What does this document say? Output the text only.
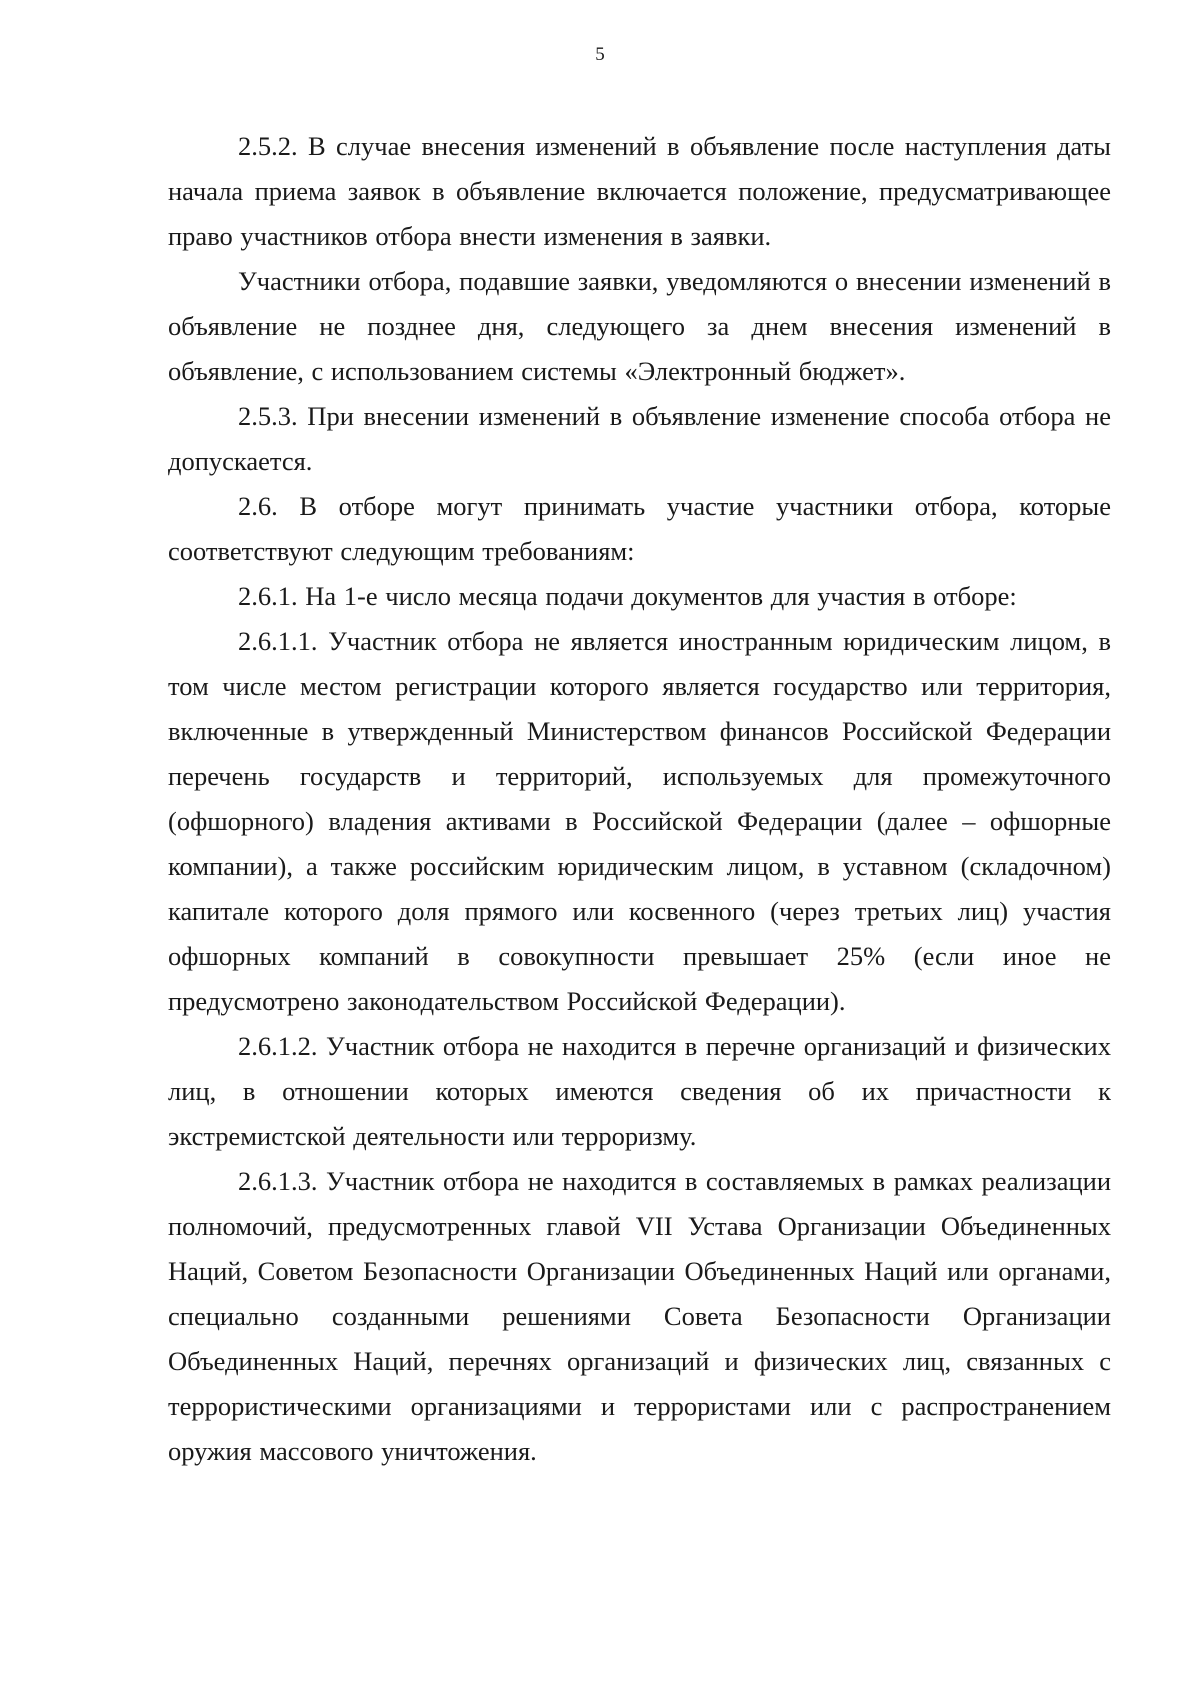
5

2.5.2. В случае внесения изменений в объявление после наступления даты начала приема заявок в объявление включается положение, предусматривающее право участников отбора внести изменения в заявки.

Участники отбора, подавшие заявки, уведомляются о внесении изменений в объявление не позднее дня, следующего за днем внесения изменений в объявление, с использованием системы «Электронный бюджет».

2.5.3. При внесении изменений в объявление изменение способа отбора не допускается.

2.6. В отборе могут принимать участие участники отбора, которые соответствуют следующим требованиям:

2.6.1. На 1-е число месяца подачи документов для участия в отборе:

2.6.1.1. Участник отбора не является иностранным юридическим лицом, в том числе местом регистрации которого является государство или территория, включенные в утвержденный Министерством финансов Российской Федерации перечень государств и территорий, используемых для промежуточного (офшорного) владения активами в Российской Федерации (далее – офшорные компании), а также российским юридическим лицом, в уставном (складочном) капитале которого доля прямого или косвенного (через третьих лиц) участия офшорных компаний в совокупности превышает 25% (если иное не предусмотрено законодательством Российской Федерации).

2.6.1.2. Участник отбора не находится в перечне организаций и физических лиц, в отношении которых имеются сведения об их причастности к экстремистской деятельности или терроризму.

2.6.1.3. Участник отбора не находится в составляемых в рамках реализации полномочий, предусмотренных главой VII Устава Организации Объединенных Наций, Советом Безопасности Организации Объединенных Наций или органами, специально созданными решениями Совета Безопасности Организации Объединенных Наций, перечнях организаций и физических лиц, связанных с террористическими организациями и террористами или с распространением оружия массового уничтожения.
